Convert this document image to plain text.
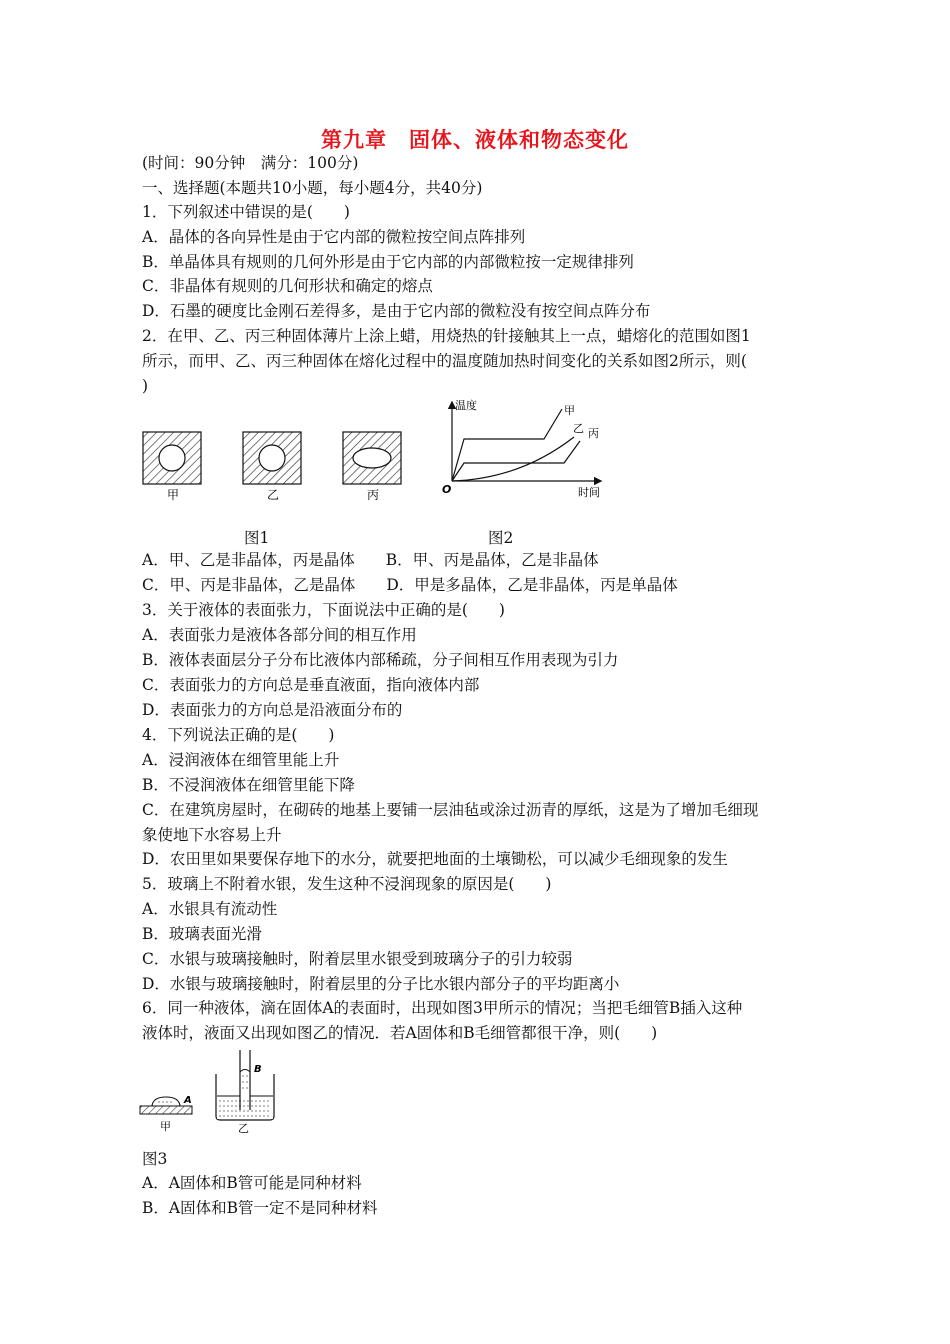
第九章　固体、液体和物态变化
(时间：90分钟　满分：100分)
一、选择题(本题共10小题，每小题4分，共40分)
1．下列叙述中错误的是(　　)
A．晶体的各向异性是由于它内部的微粒按空间点阵排列
B．单晶体具有规则的几何外形是由于它内部的内部微粒按一定规律排列
C．非晶体有规则的几何形状和确定的熔点
D．石墨的硬度比金刚石差得多，是由于它内部的微粒没有按空间点阵分布
2．在甲、乙、丙三种固体薄片上涂上蜡，用烧热的针接触其上一点，蜡熔化的范围如图1
所示，而甲、乙、丙三种固体在熔化过程中的温度随加热时间变化的关系如图2所示，则(
)
甲	乙	丙
温度
时间
O
甲
乙 丙
图1	图2
A．甲、乙是非晶体，丙是晶体　　B．甲、丙是晶体，乙是非晶体
C．甲、丙是非晶体，乙是晶体　　D．甲是多晶体，乙是非晶体，丙是单晶体
3．关于液体的表面张力，下面说法中正确的是(　　)
A．表面张力是液体各部分间的相互作用
B．液体表面层分子分布比液体内部稀疏，分子间相互作用表现为引力
C．表面张力的方向总是垂直液面，指向液体内部
D．表面张力的方向总是沿液面分布的
4．下列说法正确的是(　　)
A．浸润液体在细管里能上升
B．不浸润液体在细管里能下降
C．在建筑房屋时，在砌砖的地基上要铺一层油毡或涂过沥青的厚纸，这是为了增加毛细现
象使地下水容易上升
D．农田里如果要保存地下的水分，就要把地面的土壤锄松，可以减少毛细现象的发生
5．玻璃上不附着水银，发生这种不浸润现象的原因是(　　)
A．水银具有流动性
B．玻璃表面光滑
C．水银与玻璃接触时，附着层里水银受到玻璃分子的引力较弱
D．水银与玻璃接触时，附着层里的分子比水银内部分子的平均距离小
6．同一种液体，滴在固体A的表面时，出现如图3甲所示的情况；当把毛细管B插入这种
液体时，液面又出现如图乙的情况．若A固体和B毛细管都很干净，则(　　)
A
甲
B
乙
图3
A．A固体和B管可能是同种材料
B．A固体和B管一定不是同种材料
